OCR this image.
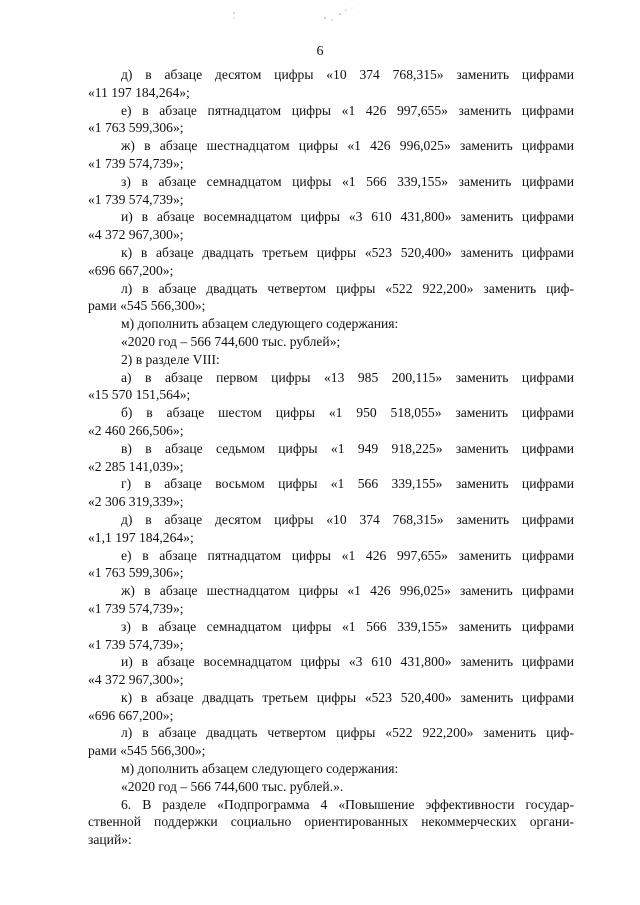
6
д) в абзаце десятом цифры «10 374 768,315» заменить цифрами
«11 197 184,264»;
е) в абзаце пятнадцатом цифры «1 426 997,655» заменить цифрами
«1 763 599,306»;
ж) в абзаце шестнадцатом цифры «1 426 996,025» заменить цифрами
«1 739 574,739»;
з) в абзаце семнадцатом цифры «1 566 339,155» заменить цифрами
«1 739 574,739»;
и) в абзаце восемнадцатом цифры «3 610 431,800» заменить цифрами
«4 372 967,300»;
к) в абзаце двадцать третьем цифры «523 520,400» заменить цифрами
«696 667,200»;
л) в абзаце двадцать четвертом цифры «522 922,200» заменить циф-
рами «545 566,300»;
м) дополнить абзацем следующего содержания:
«2020 год – 566 744,600 тыс. рублей»;
2) в разделе VIII:
а) в абзаце первом цифры «13 985 200,115» заменить цифрами
«15 570 151,564»;
б) в абзаце шестом цифры «1 950 518,055» заменить цифрами
«2 460 266,506»;
в) в абзаце седьмом цифры «1 949 918,225» заменить цифрами
«2 285 141,039»;
г) в абзаце восьмом цифры «1 566 339,155» заменить цифрами
«2 306 319,339»;
д) в абзаце десятом цифры «10 374 768,315» заменить цифрами
«1,1 197 184,264»;
е) в абзаце пятнадцатом цифры «1 426 997,655» заменить цифрами
«1 763 599,306»;
ж) в абзаце шестнадцатом цифры «1 426 996,025» заменить цифрами
«1 739 574,739»;
з) в абзаце семнадцатом цифры «1 566 339,155» заменить цифрами
«1 739 574,739»;
и) в абзаце восемнадцатом цифры «3 610 431,800» заменить цифрами
«4 372 967,300»;
к) в абзаце двадцать третьем цифры «523 520,400» заменить цифрами
«696 667,200»;
л) в абзаце двадцать четвертом цифры «522 922,200» заменить циф-
рами «545 566,300»;
м) дополнить абзацем следующего содержания:
«2020 год – 566 744,600 тыс. рублей.».
6. В разделе «Подпрограмма 4 «Повышение эффективности государ-
ственной поддержки социально ориентированных некоммерческих органи-
заций»:
